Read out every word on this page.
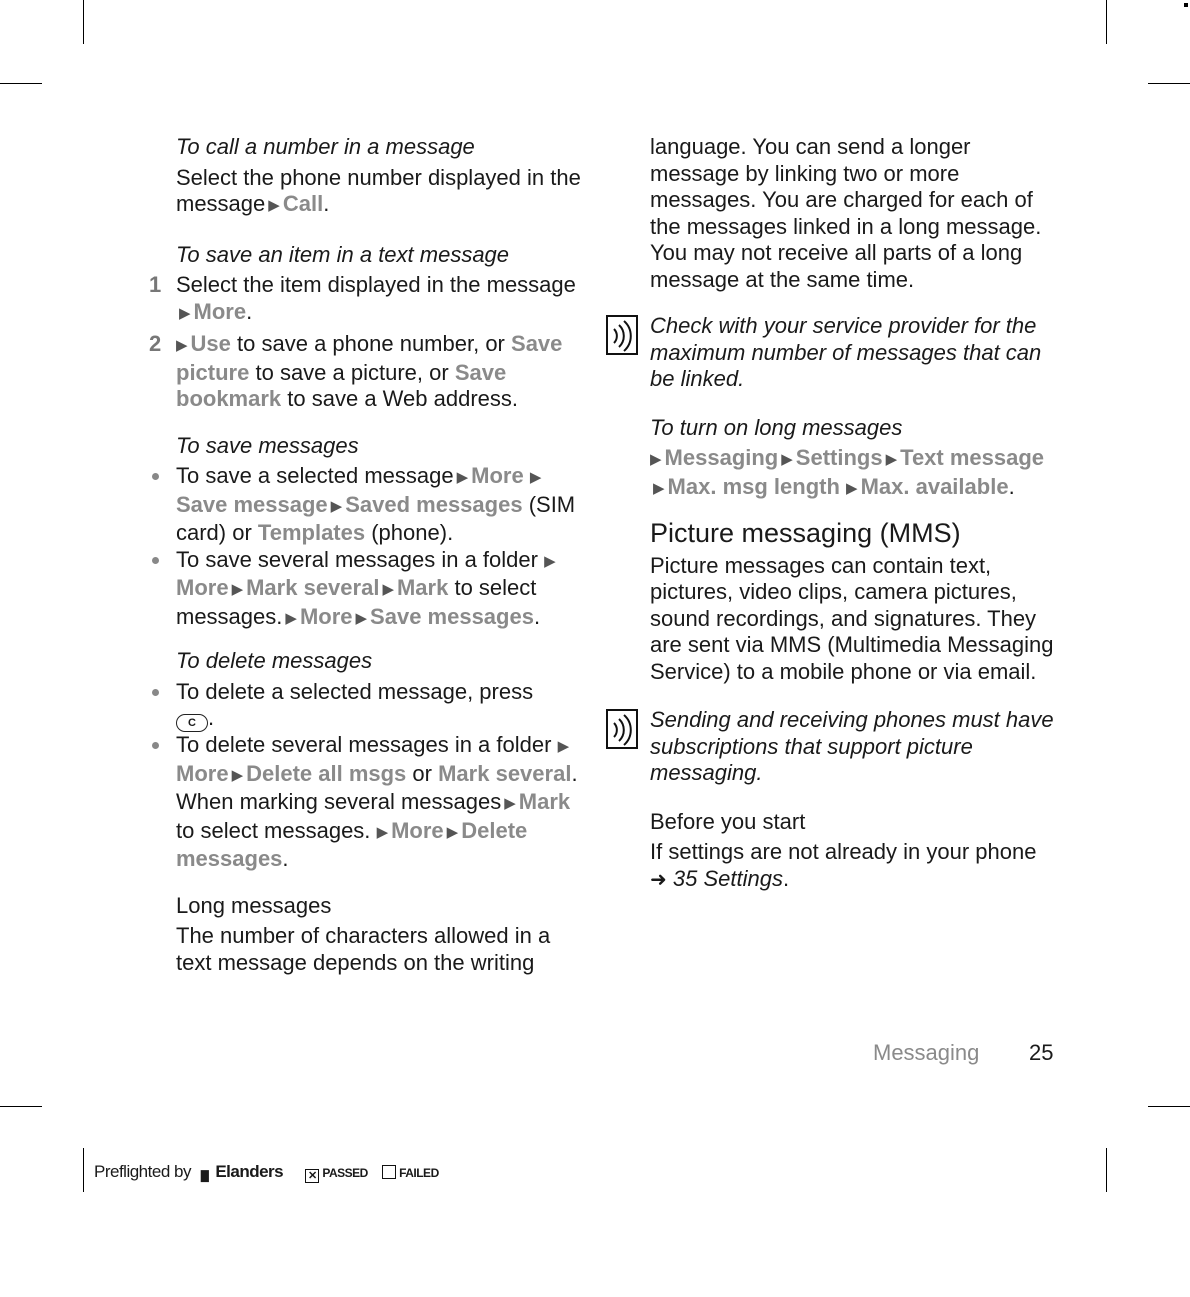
To call a number in a message

Select the phone number displayed in the message ▶ Call.

To save an item in a text message
1 Select the item displayed in the message▶ More.
2 ▶ Use to save a phone number, or Save picture to save a picture, or Save bookmark to save a Web address.
To save messages
To save a selected message ▶ More ▶Save message ▶ Saved messages (SIM card) or Templates (phone).
To save several messages in a folder ▶More ▶ Mark several ▶ Mark to select messages. ▶ More ▶ Save messages.
To delete messages
To delete a selected message, press
C .
To delete several messages in a folder ▶More ▶ Delete all msgs or Mark several. When marking several messages ▶ Mark to select messages. ▶ More ▶ Delete messages.
Long messages

The number of characters allowed in a text message depends on the writing

language. You can send a longer message by linking two or more messages. You are charged for each of the messages linked in a long message. You may not receive all parts of a long message at the same time.

Check with your service provider for the maximum number of messages that can be linked.
To turn on long messages

▶ Messaging ▶ Settings ▶ Text message▶ Max. msg length ▶ Max. available.

Picture messaging (MMS)

Picture messages can contain text, pictures, video clips, camera pictures, sound recordings, and signatures. They are sent via MMS (Multimedia Messaging Service) to a mobile phone or via email.

Sending and receiving phones must have subscriptions that support picture messaging.
Before you start

If settings are not already in your phone
➜ 35 Settings.

Messaging 25
Preflighted by ▖Elanders ✕ PASSED	FAILED
